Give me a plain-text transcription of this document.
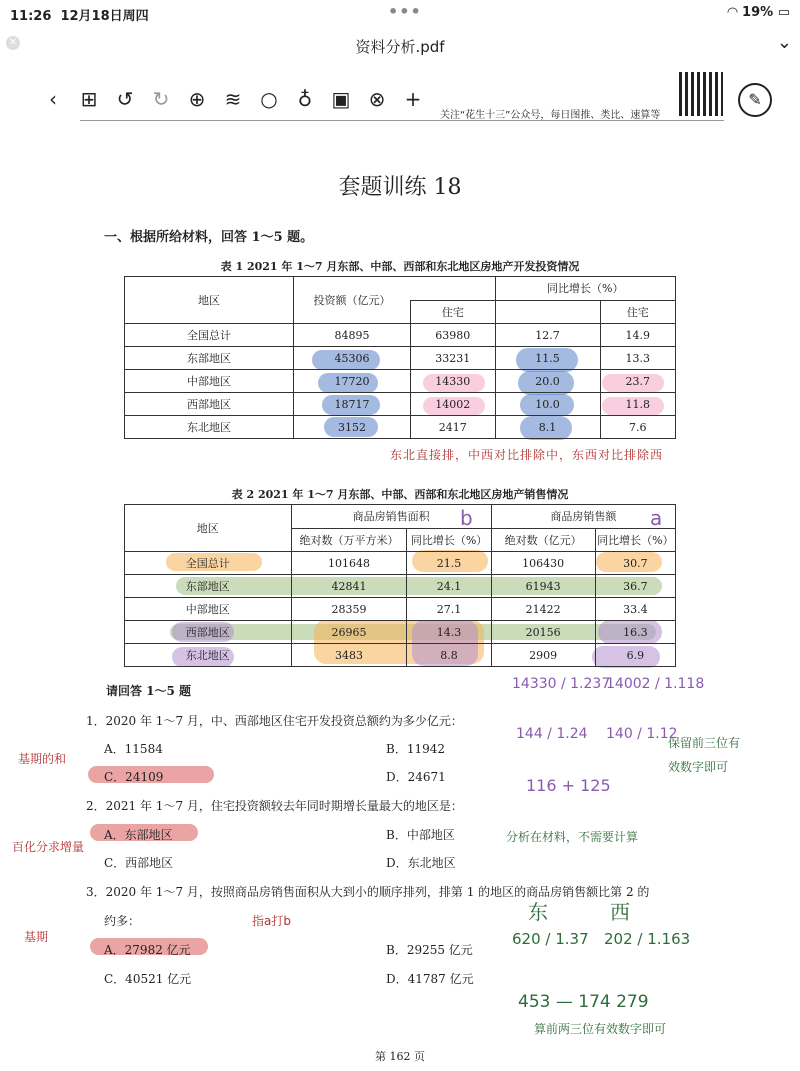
11:26 12月18日周四	•••	◠ 19% ▭
✕	资料分析.pdf	⌄
‹	⊞ ↺ ↻ ⊕ ≋ ○ ♁ ▣ ⊗ +
关注“花生十三”公众号，每日图推、类比、速算等
✎
套题训练 18
一、根据所给材料，回答 1～5 题。
表 1 2021 年 1～7 月东部、中部、西部和东北地区房地产开发投资情况
地区	投资额（亿元）		同比增长（%）	
		住宅		住宅
全国总计	84895	63980	12.7	14.9
东部地区	45306	33231	11.5	13.3
中部地区	17720	14330	20.0	23.7
西部地区	18717	14002	10.0	11.8
东北地区	3152	2417	8.1	7.6
东北直接排，中西对比排除中，东西对比排除西
表 2 2021 年 1～7 月东部、中部、西部和东北地区房地产销售情况
地区	商品房销售面积		商品房销售额	
	绝对数（万平方米）	同比增长（%）	绝对数（亿元）	同比增长（%）
全国总计	101648	21.5	106430	30.7
东部地区	42841	24.1	61943	36.7
中部地区	28359	27.1	21422	33.4
西部地区	26965	14.3	20156	16.3
东北地区	3483	8.8	2909	6.9
b	a
请回答 1～5 题
1．2020 年 1～7 月，中、西部地区住宅开发投资总额约为多少亿元：
A．11584	B．11942
C．24109	D．24671
2．2021 年 1～7 月，住宅投资额较去年同时期增长量最大的地区是：
A．东部地区	B．中部地区
C．西部地区	D．东北地区
3．2020 年 1～7 月，按照商品房销售面积从大到小的顺序排列，排第 1 的地区的商品房销售额比第 2 的
约多：
A．27982 亿元	B．29255 亿元
C．40521 亿元	D．41787 亿元
基期的和
保留前三位有
效数字即可
百化分求增量
分析在材料，不需要计算
基期
指a打b
算前两三位有效数字即可
14330 / 1.237
14002 / 1.118
144 / 1.24 140 / 1.12
116 + 125
东	西
620 / 1.37 202 / 1.163
453 — 174 279
第 162 页
